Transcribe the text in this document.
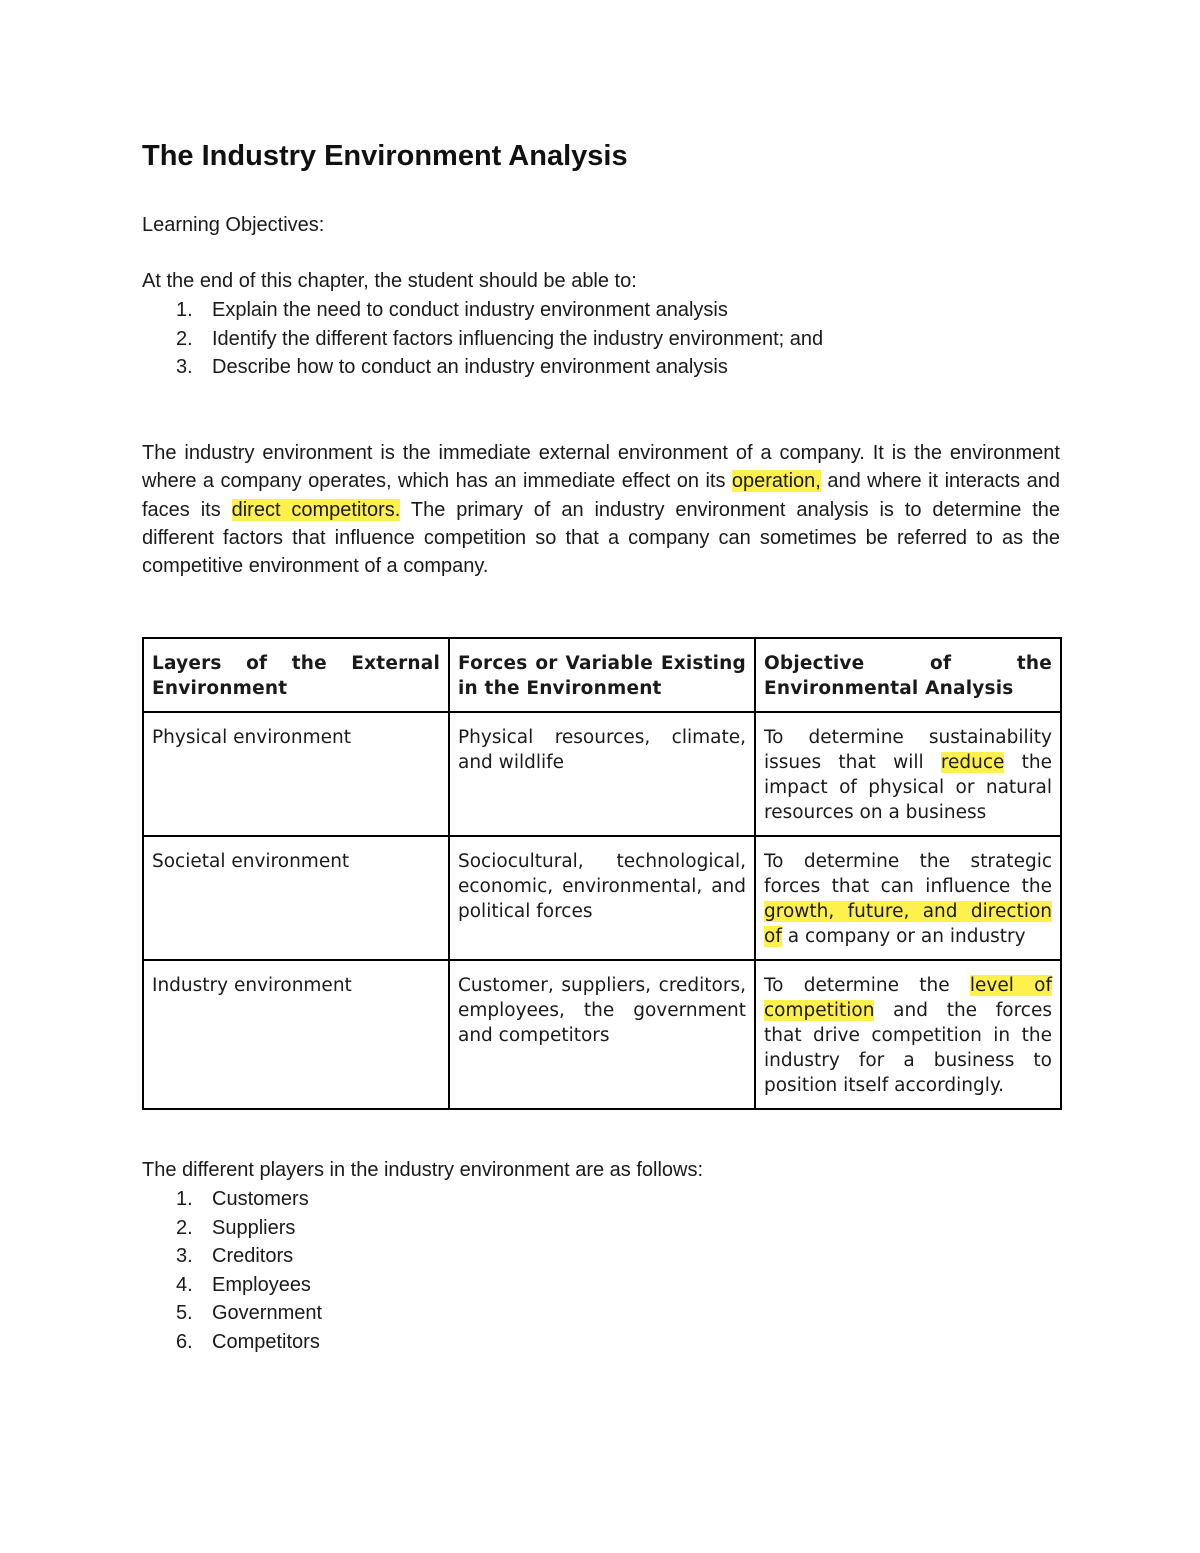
The Industry Environment Analysis

Learning Objectives:

At the end of this chapter, the student should be able to:

1. Explain the need to conduct industry environment analysis
2. Identify the different factors influencing the industry environment; and
3. Describe how to conduct an industry environment analysis

The industry environment is the immediate external environment of a company. It is the environment where a company operates, which has an immediate effect on its operation, and where it interacts and faces its direct competitors. The primary of an industry environment analysis is to determine the different factors that influence competition so that a company can sometimes be referred to as the competitive environment of a company.

Layers of the External Environment	Forces or Variable Existing in the Environment	Objective of the Environmental Analysis
Physical environment	Physical resources, climate, and wildlife	To determine sustainability issues that will reduce the impact of physical or natural resources on a business
Societal environment	Sociocultural, technological, economic, environmental, and political forces	To determine the strategic forces that can influence the growth, future, and direction of a company or an industry
Industry environment	Customer, suppliers, creditors, employees, the government and competitors	To determine the level of competition and the forces that drive competition in the industry for a business to position itself accordingly.

The different players in the industry environment are as follows:

1. Customers
2. Suppliers
3. Creditors
4. Employees
5. Government
6. Competitors
